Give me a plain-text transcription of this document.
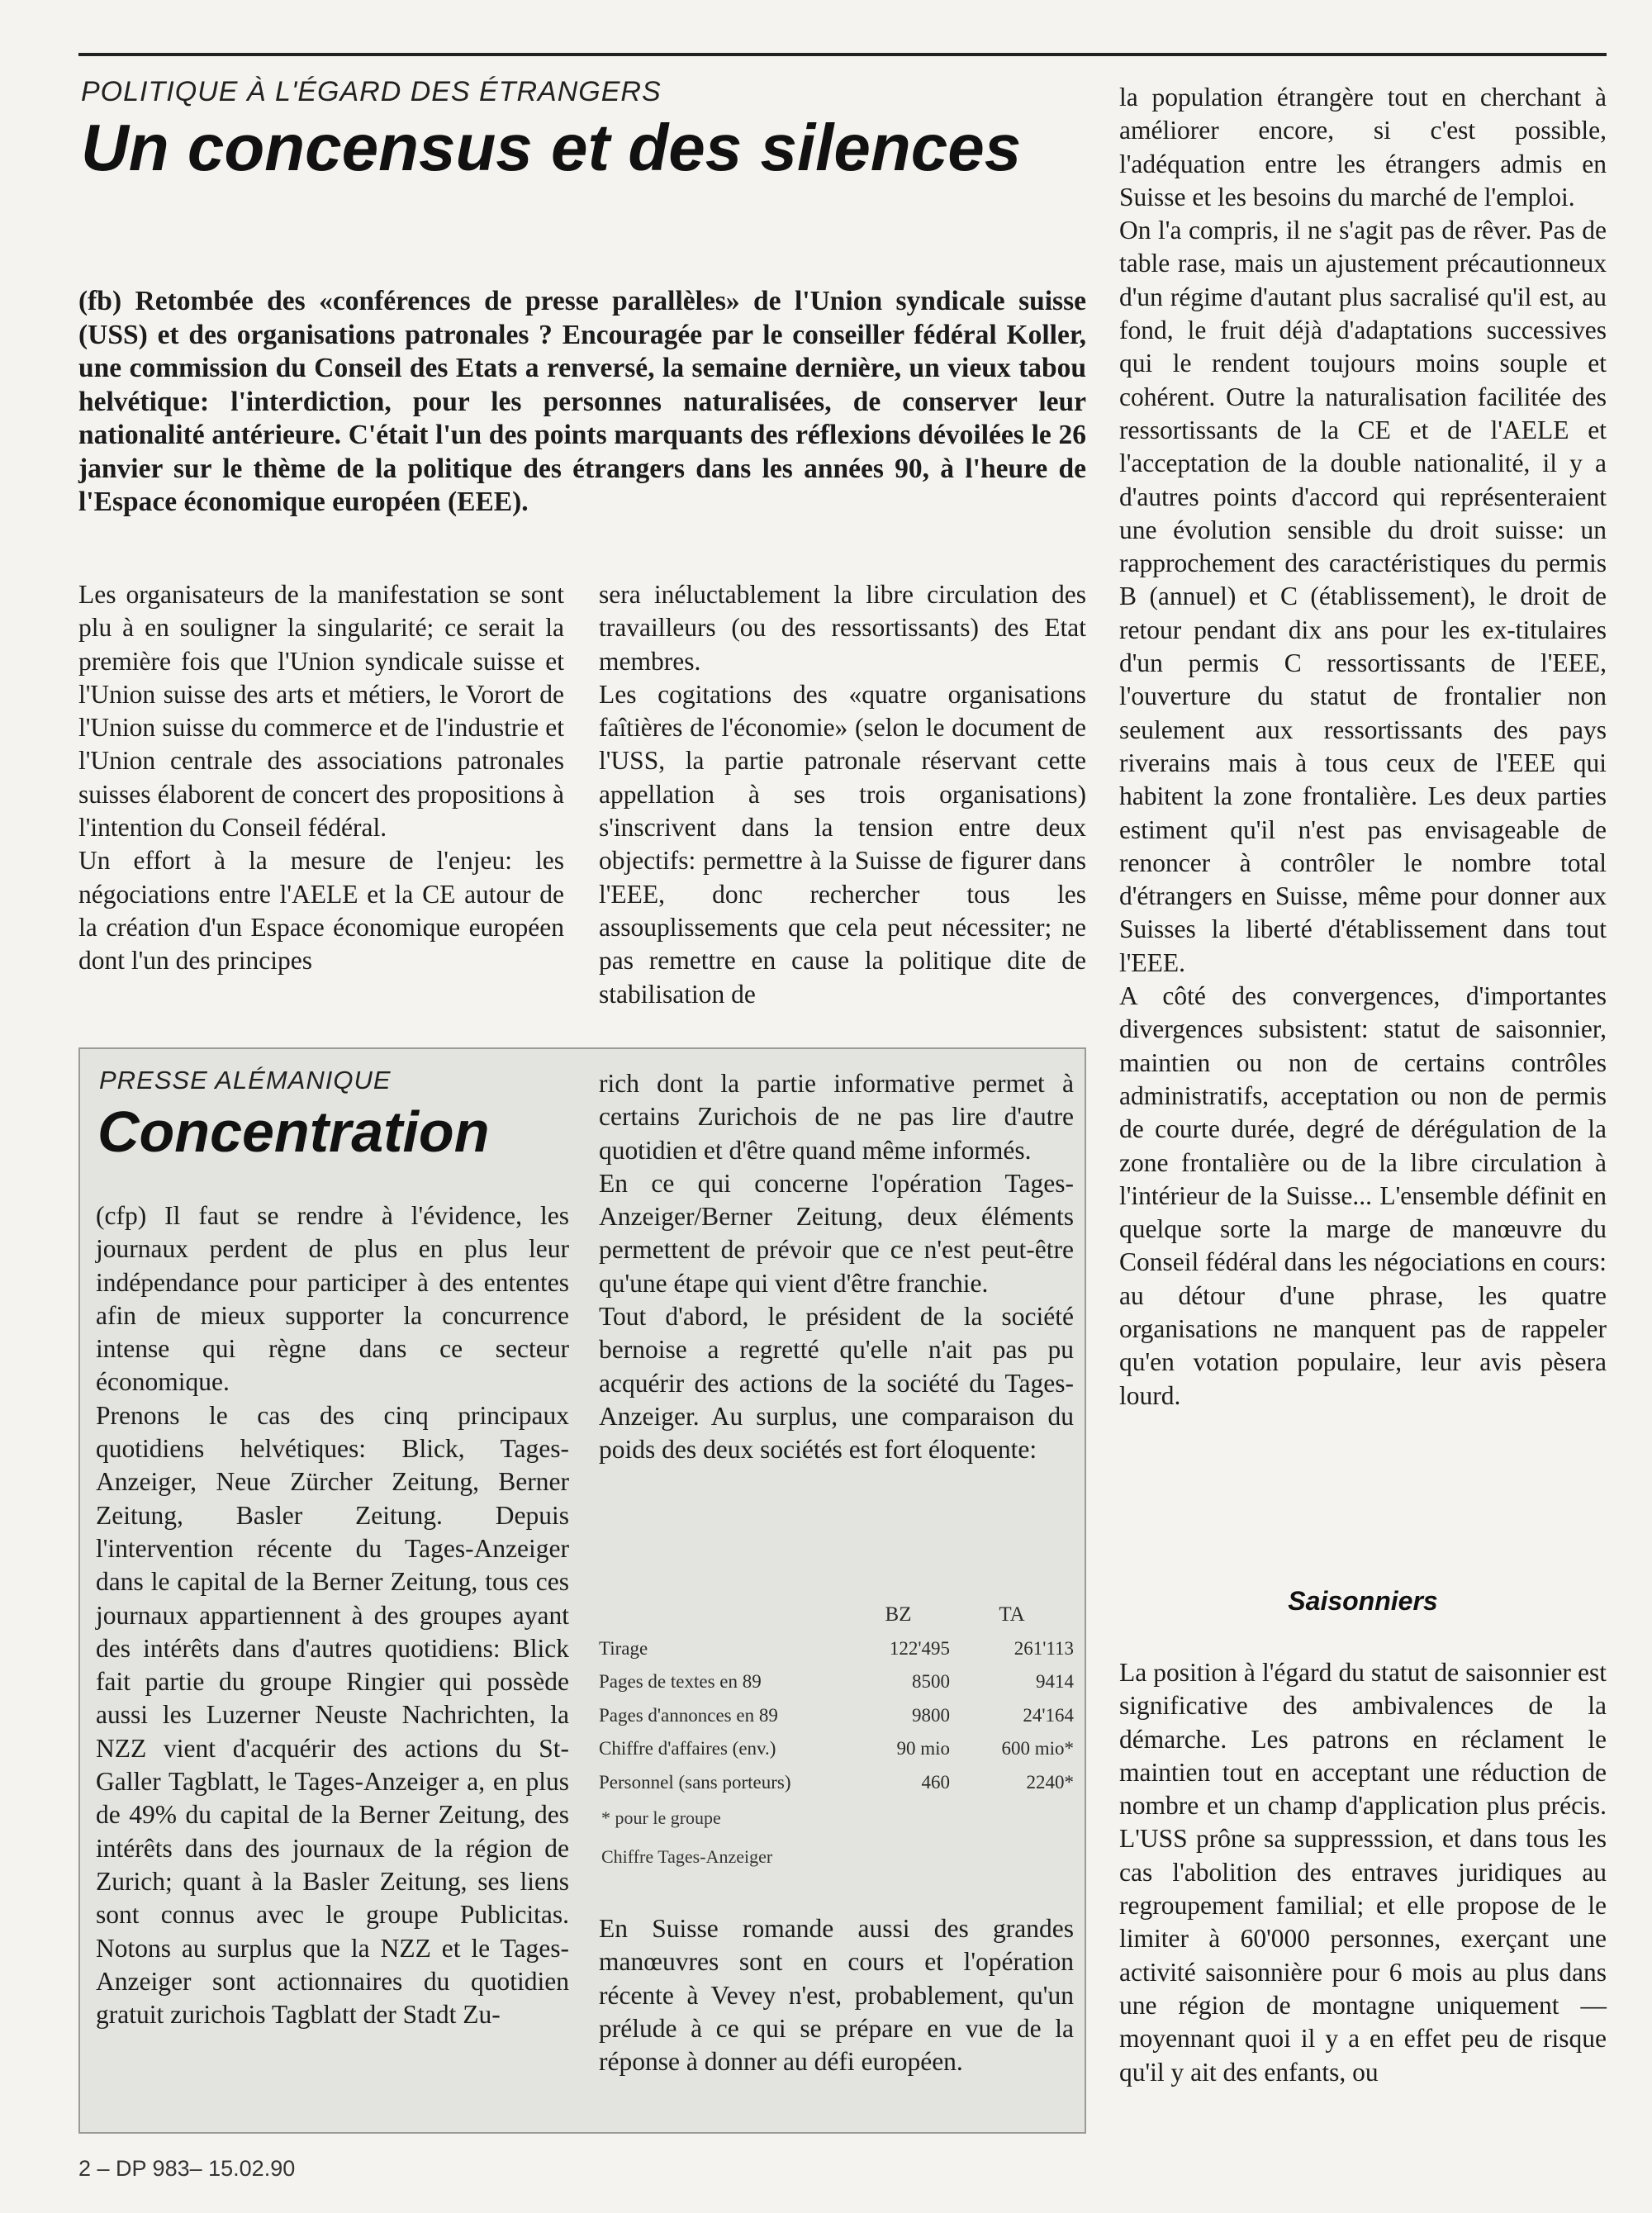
POLITIQUE À L'ÉGARD DES ÉTRANGERS

Un concensus et des silences

(fb) Retombée des «conférences de presse parallèles» de l'Union syndicale suisse (USS) et des organisations patronales ? Encouragée par le conseiller fédéral Koller, une commission du Conseil des Etats a renversé, la semaine dernière, un vieux tabou helvétique: l'interdiction, pour les personnes naturalisées, de conserver leur nationalité antérieure. C'était l'un des points marquants des réflexions dévoilées le 26 janvier sur le thème de la politique des étrangers dans les années 90, à l'heure de l'Espace économique européen (EEE).

Les organisateurs de la manifestation se sont plu à en souligner la singularité; ce serait la première fois que l'Union syndicale suisse et l'Union suisse des arts et métiers, le Vorort de l'Union suisse du commerce et de l'industrie et l'Union centrale des associations patronales suisses élaborent de concert des propositions à l'intention du Conseil fédéral.

Un effort à la mesure de l'enjeu: les négociations entre l'AELE et la CE autour de la création d'un Espace économique européen dont l'un des principes

sera inéluctablement la libre circulation des travailleurs (ou des ressortissants) des Etat membres.

Les cogitations des «quatre organisations faîtières de l'économie» (selon le document de l'USS, la partie patronale réservant cette appellation à ses trois organisations) s'inscrivent dans la tension entre deux objectifs: permettre à la Suisse de figurer dans l'EEE, donc rechercher tous les assouplissements que cela peut nécessiter; ne pas remettre en cause la politique dite de stabilisation de

la population étrangère tout en cherchant à améliorer encore, si c'est possible, l'adéquation entre les étrangers admis en Suisse et les besoins du marché de l'emploi.

On l'a compris, il ne s'agit pas de rêver. Pas de table rase, mais un ajustement précautionneux d'un régime d'autant plus sacralisé qu'il est, au fond, le fruit déjà d'adaptations successives qui le rendent toujours moins souple et cohérent. Outre la naturalisation facilitée des ressortissants de la CE et de l'AELE et l'acceptation de la double nationalité, il y a d'autres points d'accord qui représenteraient une évolution sensible du droit suisse: un rapprochement des caractéristiques du permis B (annuel) et C (établissement), le droit de retour pendant dix ans pour les ex-titulaires d'un permis C ressortissants de l'EEE, l'ouverture du statut de frontalier non seulement aux ressortissants des pays riverains mais à tous ceux de l'EEE qui habitent la zone frontalière. Les deux parties estiment qu'il n'est pas envisageable de renoncer à contrôler le nombre total d'étrangers en Suisse, même pour donner aux Suisses la liberté d'établissement dans tout l'EEE.

A côté des convergences, d'importantes divergences subsistent: statut de saisonnier, maintien ou non de certains contrôles administratifs, acceptation ou non de permis de courte durée, degré de dérégulation de la zone frontalière ou de la libre circulation à l'intérieur de la Suisse... L'ensemble définit en quelque sorte la marge de manœuvre du Conseil fédéral dans les négociations en cours: au détour d'une phrase, les quatre organisations ne manquent pas de rappeler qu'en votation populaire, leur avis pèsera lourd.

Saisonniers

La position à l'égard du statut de saisonnier est significative des ambivalences de la démarche. Les patrons en réclament le maintien tout en acceptant une réduction de nombre et un champ d'application plus précis. L'USS prône sa suppresssion, et dans tous les cas l'abolition des entraves juridiques au regroupement familial; et elle propose de le limiter à 60'000 personnes, exerçant une activité saisonnière pour 6 mois au plus dans une région de montagne uniquement — moyennant quoi il y a en effet peu de risque qu'il y ait des enfants, ou

PRESSE ALÉMANIQUE

Concentration

(cfp) Il faut se rendre à l'évidence, les journaux perdent de plus en plus leur indépendance pour participer à des ententes afin de mieux supporter la concurrence intense qui règne dans ce secteur économique.

Prenons le cas des cinq principaux quotidiens helvétiques: Blick, Tages-Anzeiger, Neue Zürcher Zeitung, Berner Zeitung, Basler Zeitung. Depuis l'intervention récente du Tages-Anzeiger dans le capital de la Berner Zeitung, tous ces journaux appartiennent à des groupes ayant des intérêts dans d'autres quotidiens: Blick fait partie du groupe Ringier qui possède aussi les Luzerner Neuste Nachrichten, la NZZ vient d'acquérir des actions du St-Galler Tagblatt, le Tages-Anzeiger a, en plus de 49% du capital de la Berner Zeitung, des intérêts dans des journaux de la région de Zurich; quant à la Basler Zeitung, ses liens sont connus avec le groupe Publicitas. Notons au surplus que la NZZ et le Tages-Anzeiger sont actionnaires du quotidien gratuit zurichois Tagblatt der Stadt Zu-

rich dont la partie informative permet à certains Zurichois de ne pas lire d'autre quotidien et d'être quand même informés.

En ce qui concerne l'opération Tages-Anzeiger/Berner Zeitung, deux éléments permettent de prévoir que ce n'est peut-être qu'une étape qui vient d'être franchie.

Tout d'abord, le président de la société bernoise a regretté qu'elle n'ait pas pu acquérir des actions de la société du Tages-Anzeiger. Au surplus, une comparaison du poids des deux sociétés est fort éloquente:

	BZ	TA
Tirage	122'495	261'113
Pages de textes en 89	8500	9414
Pages d'annonces en 89	9800	24'164
Chiffre d'affaires (env.)	90 mio	600 mio*
Personnel (sans porteurs)	460	2240*
* pour le groupe
Chiffre Tages-Anzeiger

En Suisse romande aussi des grandes manœuvres sont en cours et l'opération récente à Vevey n'est, probablement, qu'un prélude à ce qui se prépare en vue de la réponse à donner au défi européen.

2 – DP 983– 15.02.90
